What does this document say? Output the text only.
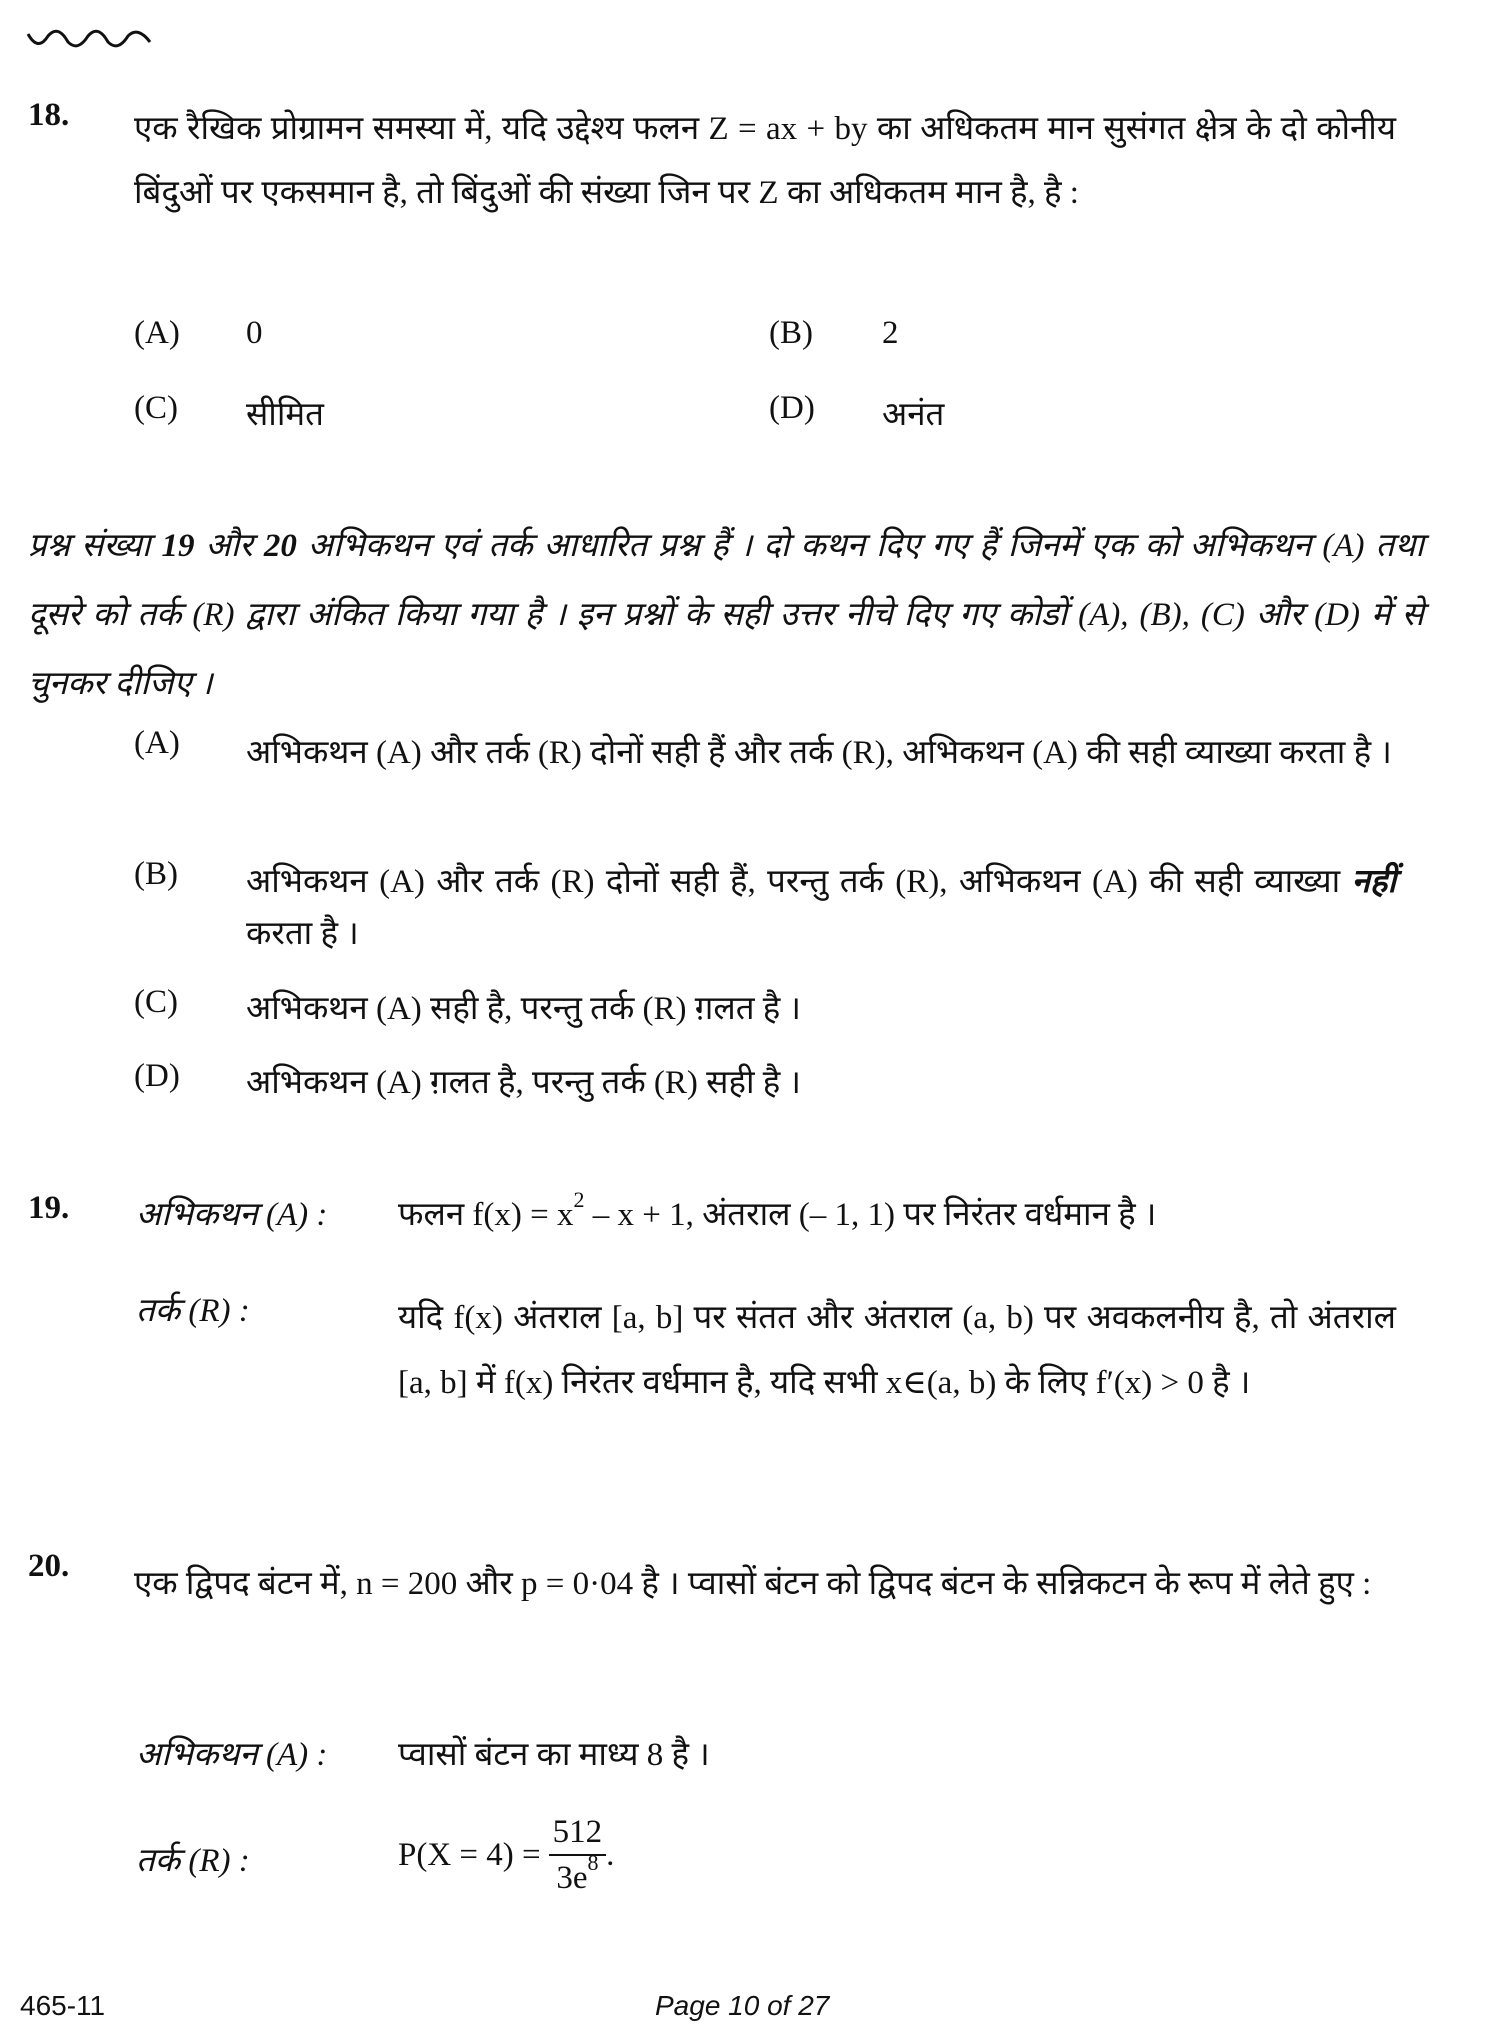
18. एक रैखिक प्रोग्रामन समस्या में, यदि उद्देश्य फलन Z = ax + by का अधिकतम मान सुसंगत क्षेत्र के दो कोनीय बिंदुओं पर एकसमान है, तो बिंदुओं की संख्या जिन पर Z का अधिकतम मान है, है :
(A) 0	(B) 2
(C) सीमित	(D) अनंत
प्रश्न संख्या 19 और 20 अभिकथन एवं तर्क आधारित प्रश्न हैं । दो कथन दिए गए हैं जिनमें एक को अभिकथन (A) तथा दूसरे को तर्क (R) द्वारा अंकित किया गया है । इन प्रश्नों के सही उत्तर नीचे दिए गए कोडों (A), (B), (C) और (D) में से चुनकर दीजिए ।
(A) अभिकथन (A) और तर्क (R) दोनों सही हैं और तर्क (R), अभिकथन (A) की सही व्याख्या करता है ।
(B) अभिकथन (A) और तर्क (R) दोनों सही हैं, परन्तु तर्क (R), अभिकथन (A) की सही व्याख्या नहीं करता है ।
(C) अभिकथन (A) सही है, परन्तु तर्क (R) ग़लत है ।
(D) अभिकथन (A) ग़लत है, परन्तु तर्क (R) सही है ।
19. अभिकथन (A) : फलन $f(x) = x^2 - x + 1$, अंतराल (– 1, 1) पर निरंतर वर्धमान है ।
तर्क (R) :	यदि f(x) अंतराल [a, b] पर संतत और अंतराल (a, b) पर अवकलनीय है, तो अंतराल [a, b] में f(x) निरंतर वर्धमान है, यदि सभी x∈(a, b) के लिए f′(x) > 0 है ।
20. एक द्विपद बंटन में, n = 200 और p = 0·04 है । प्वासों बंटन को द्विपद बंटन के सन्निकटन के रूप में लेते हुए :
अभिकथन (A) : प्वासों बंटन का माध्य 8 है ।
तर्क (R) :	$P(X = 4) = \frac{512}{3e^8}$ .
465-11	Page 10 of 27
